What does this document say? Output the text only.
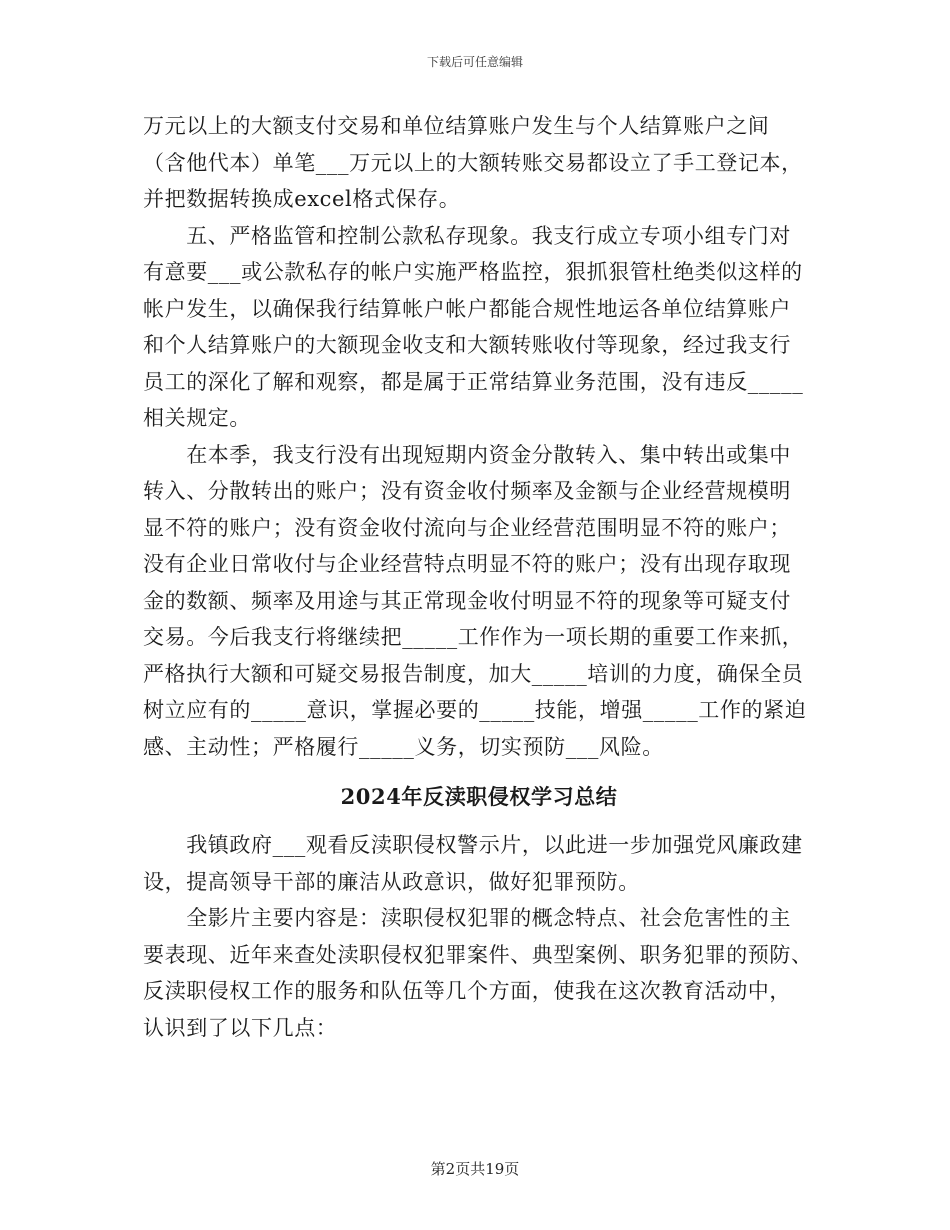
下载后可任意编辑
万元以上的大额支付交易和单位结算账户发生与个人结算账户之间
（含他代本）单笔___万元以上的大额转账交易都设立了手工登记本，
并把数据转换成excel格式保存。
　　五、严格监管和控制公款私存现象。我支行成立专项小组专门对
有意要___或公款私存的帐户实施严格监控，狠抓狠管杜绝类似这样的
帐户发生，以确保我行结算帐户帐户都能合规性地运各单位结算账户
和个人结算账户的大额现金收支和大额转账收付等现象，经过我支行
员工的深化了解和观察，都是属于正常结算业务范围，没有违反_____
相关规定。
　　在本季，我支行没有出现短期内资金分散转入、集中转出或集中
转入、分散转出的账户；没有资金收付频率及金额与企业经营规模明
显不符的账户；没有资金收付流向与企业经营范围明显不符的账户；
没有企业日常收付与企业经营特点明显不符的账户；没有出现存取现
金的数额、频率及用途与其正常现金收付明显不符的现象等可疑支付
交易。今后我支行将继续把_____工作作为一项长期的重要工作来抓，
严格执行大额和可疑交易报告制度，加大_____培训的力度，确保全员
树立应有的_____意识，掌握必要的_____技能，增强_____工作的紧迫
感、主动性；严格履行_____义务，切实预防___风险。
2024年反渎职侵权学习总结
　　我镇政府___观看反渎职侵权警示片，以此进一步加强党风廉政建
设，提高领导干部的廉洁从政意识，做好犯罪预防。
　　全影片主要内容是：渎职侵权犯罪的概念特点、社会危害性的主
要表现、近年来查处渎职侵权犯罪案件、典型案例、职务犯罪的预防、
反渎职侵权工作的服务和队伍等几个方面，使我在这次教育活动中，
认识到了以下几点：
第2页共19页
